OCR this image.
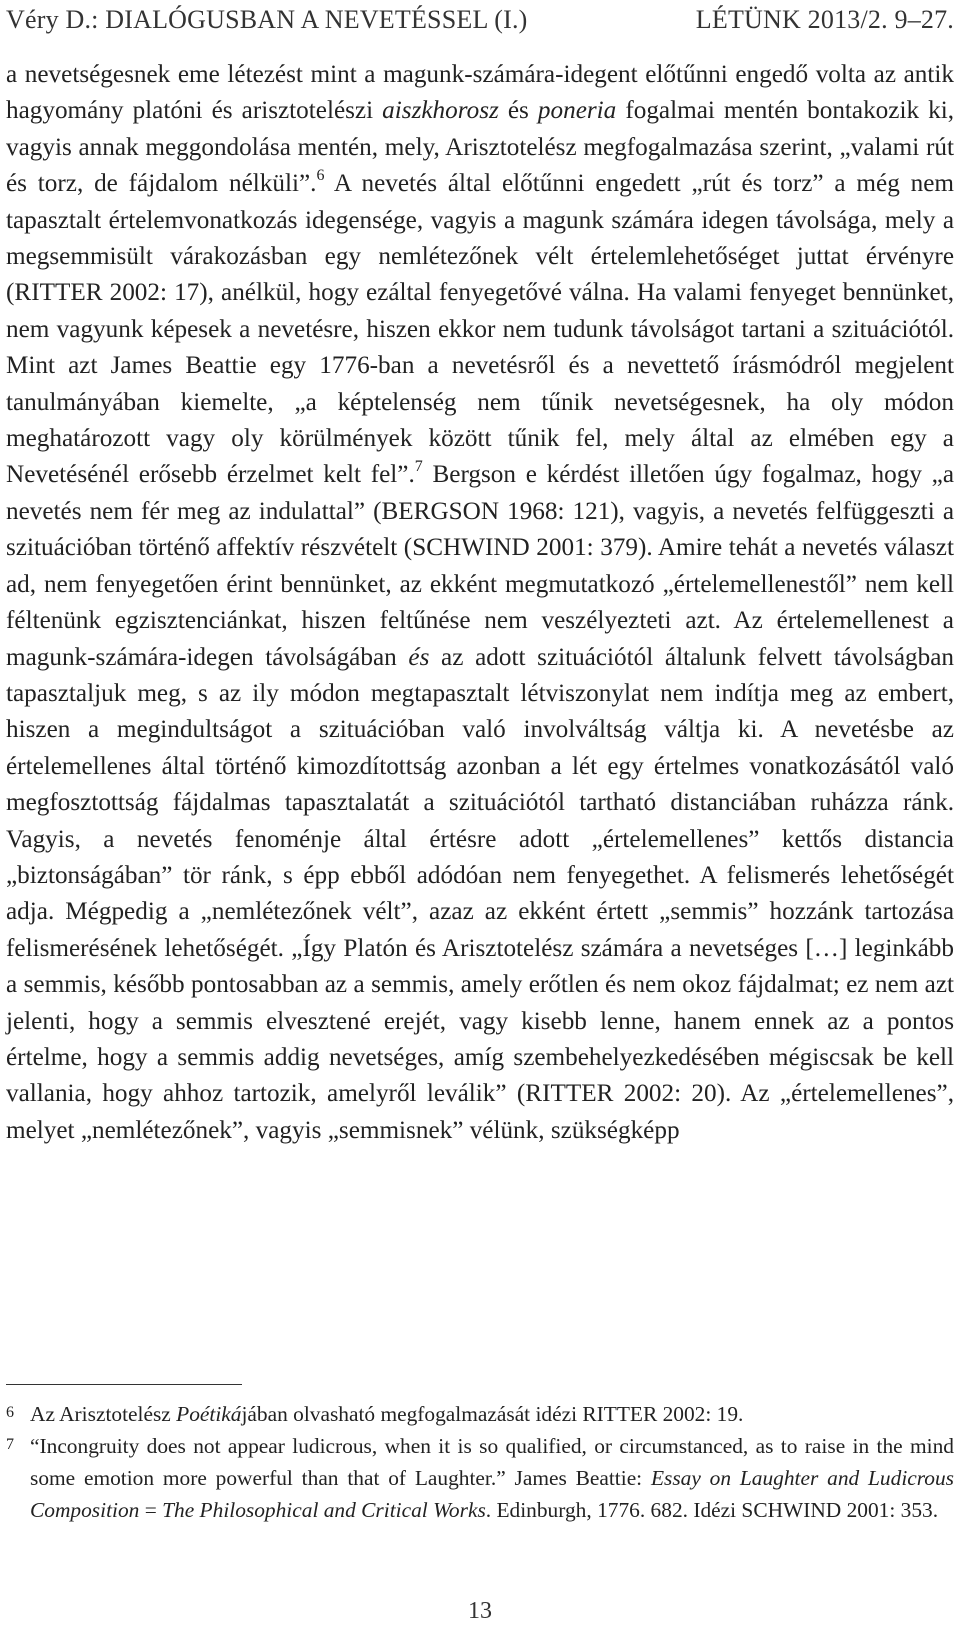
Véry D.: DIALÓGUSBAN A NEVETÉSSEL (I.)	LÉTÜNK 2013/2. 9–27.

a nevetségesnek eme létezést mint a magunk-számára-idegent előtűnni engedő volta az antik hagyomány platóni és arisztotelészi aiszkhorosz és poneria fogalmai mentén bontakozik ki, vagyis annak meggondolása mentén, mely, Arisztotelész megfogalmazása szerint, „valami rút és torz, de fájdalom nélküli”.$^6$ A nevetés által előtűnni engedett „rút és torz” a még nem tapasztalt értelemvonatkozás idegensége, vagyis a magunk számára idegen távolsága, mely a megsemmisült várakozásban egy nemlétezőnek vélt értelemlehetőséget juttat érvényre (RITTER 2002: 17), anélkül, hogy ezáltal fenyegetővé válna. Ha valami fenyeget bennünket, nem vagyunk képesek a nevetésre, hiszen ekkor nem tudunk távolságot tartani a szituációtól. Mint azt James Beattie egy 1776-ban a nevetésről és a nevettető írásmódról megjelent tanulmányában kiemelte, „a képtelenség nem tűnik nevetségesnek, ha oly módon meghatározott vagy oly körülmények között tűnik fel, mely által az elmében egy a Nevetésénél erősebb érzelmet kelt fel”.$^7$ Bergson e kérdést illetően úgy fogalmaz, hogy „a nevetés nem fér meg az indulattal” (BERGSON 1968: 121), vagyis, a nevetés felfüggeszti a szituációban történő affektív részvételt (SCHWIND 2001: 379). Amire tehát a nevetés választ ad, nem fenyegetően érint bennünket, az ekként megmutatkozó „értelemellenestől” nem kell féltenünk egzisztenciánkat, hiszen feltűnése nem veszélyezteti azt. Az értelemellenest a magunk-számára-idegen távolságában és az adott szituációtól általunk felvett távolságban tapasztaljuk meg, s az ily módon megtapasztalt létviszonylat nem indítja meg az embert, hiszen a megindultságot a szituációban való involváltság váltja ki. A nevetésbe az értelemellenes által történő kimozdítottság azonban a lét egy értelmes vonatkozásától való megfosztottság fájdalmas tapasztalatát a szituációtól tartható distanciában ruházza ránk. Vagyis, a nevetés fenoménje által értésre adott „értelemellenes” kettős distancia „biztonságában” tör ránk, s épp ebből adódóan nem fenyegethet. A felismerés lehetőségét adja. Mégpedig a „nemlétezőnek vélt”, azaz az ekként értett „semmis” hozzánk tartozása felismerésének lehetőségét. „Így Platón és Arisztotelész számára a nevetséges […] leginkább a semmis, később pontosabban az a semmis, amely erőtlen és nem okoz fájdalmat; ez nem azt jelenti, hogy a semmis elvesztené erejét, vagy kisebb lenne, hanem ennek az a pontos értelme, hogy a semmis addig nevetséges, amíg szembehelyezkedésében mégiscsak be kell vallania, hogy ahhoz tartozik, amelyről leválik” (RITTER 2002: 20). Az „értelemellenes”, melyet „nemlétezőnek”, vagyis „semmisnek” vélünk, szükségképp

6 Az Arisztotelész Poétikájában olvasható megfogalmazását idézi RITTER 2002: 19.

7 “Incongruity does not appear ludicrous, when it is so qualified, or circumstanced, as to raise in the mind some emotion more powerful than that of Laughter.” James Beattie: Essay on Laughter and Ludicrous Composition = The Philosophical and Critical Works. Edinburgh, 1776. 682. Idézi SCHWIND 2001: 353.

13
